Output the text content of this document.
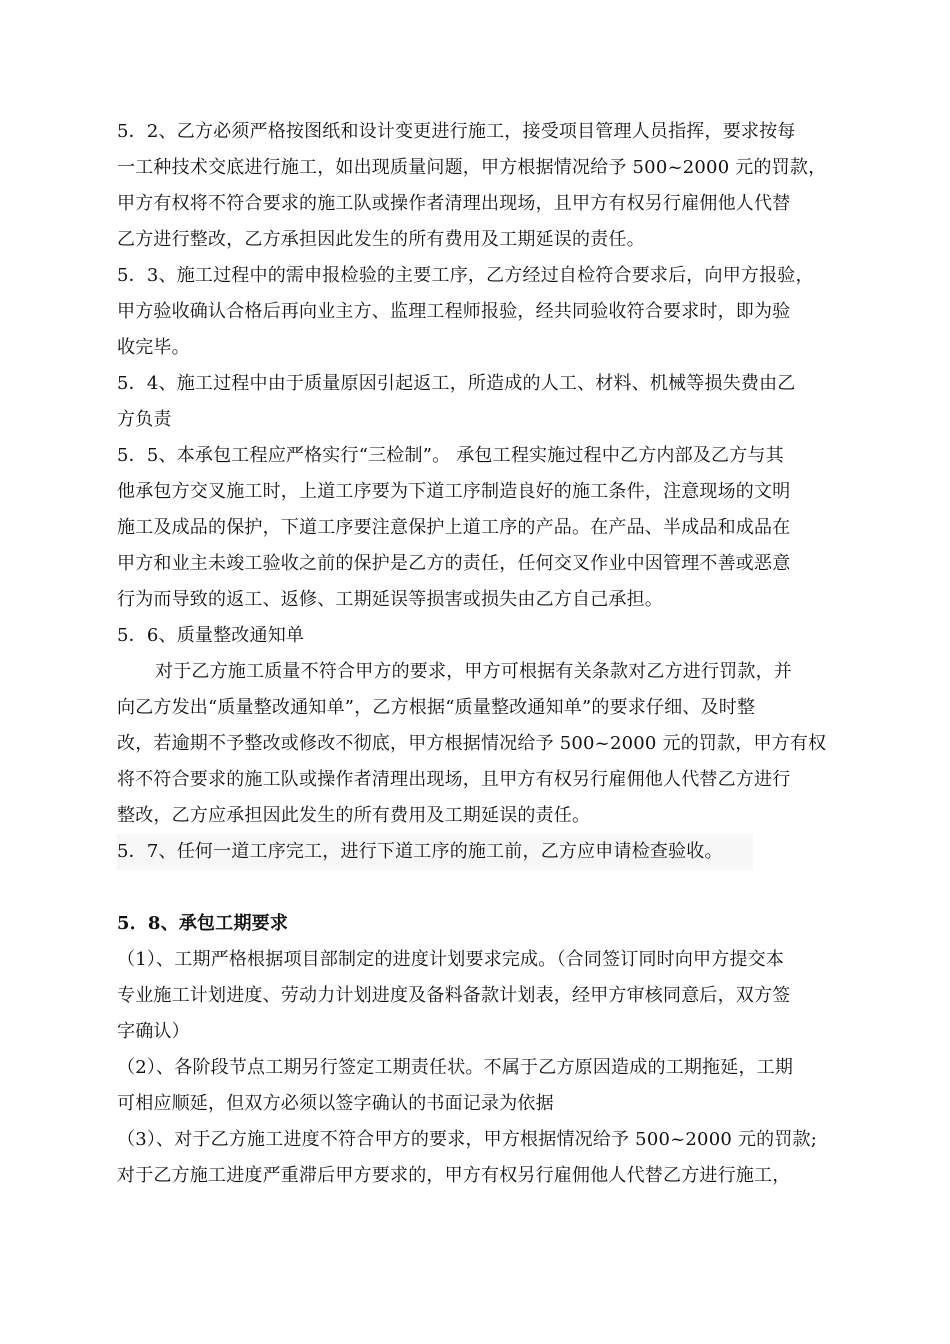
5．2、乙方必须严格按图纸和设计变更进行施工，接受项目管理人员指挥，要求按每
一工种技术交底进行施工，如出现质量问题，甲方根据情况给予 500~2000 元的罚款，
甲方有权将不符合要求的施工队或操作者清理出现场，且甲方有权另行雇佣他人代替
乙方进行整改，乙方承担因此发生的所有费用及工期延误的责任。
5．3、施工过程中的需申报检验的主要工序，乙方经过自检符合要求后，向甲方报验，
甲方验收确认合格后再向业主方、监理工程师报验，经共同验收符合要求时，即为验
收完毕。
5．4、施工过程中由于质量原因引起返工，所造成的人工、材料、机械等损失费由乙
方负责
5．5、本承包工程应严格实行“三检制”。 承包工程实施过程中乙方内部及乙方与其
他承包方交叉施工时，上道工序要为下道工序制造良好的施工条件，注意现场的文明
施工及成品的保护，下道工序要注意保护上道工序的产品。在产品、半成品和成品在
甲方和业主未竣工验收之前的保护是乙方的责任，任何交叉作业中因管理不善或恶意
行为而导致的返工、返修、工期延误等损害或损失由乙方自己承担。
5．6、质量整改通知单
对于乙方施工质量不符合甲方的要求，甲方可根据有关条款对乙方进行罚款，并
向乙方发出“质量整改通知单”，乙方根据“质量整改通知单”的要求仔细、及时整
改，若逾期不予整改或修改不彻底，甲方根据情况给予 500~2000 元的罚款，甲方有权
将不符合要求的施工队或操作者清理出现场，且甲方有权另行雇佣他人代替乙方进行
整改，乙方应承担因此发生的所有费用及工期延误的责任。
5．7、任何一道工序完工，进行下道工序的施工前，乙方应申请检查验收。
5．8、承包工期要求
（1）、工期严格根据项目部制定的进度计划要求完成。（合同签订同时向甲方提交本
专业施工计划进度、劳动力计划进度及备料备款计划表，经甲方审核同意后，双方签
字确认）
（2）、各阶段节点工期另行签定工期责任状。不属于乙方原因造成的工期拖延，工期
可相应顺延，但双方必须以签字确认的书面记录为依据
（3）、对于乙方施工进度不符合甲方的要求，甲方根据情况给予 500~2000 元的罚款;
对于乙方施工进度严重滞后甲方要求的，甲方有权另行雇佣他人代替乙方进行施工，
